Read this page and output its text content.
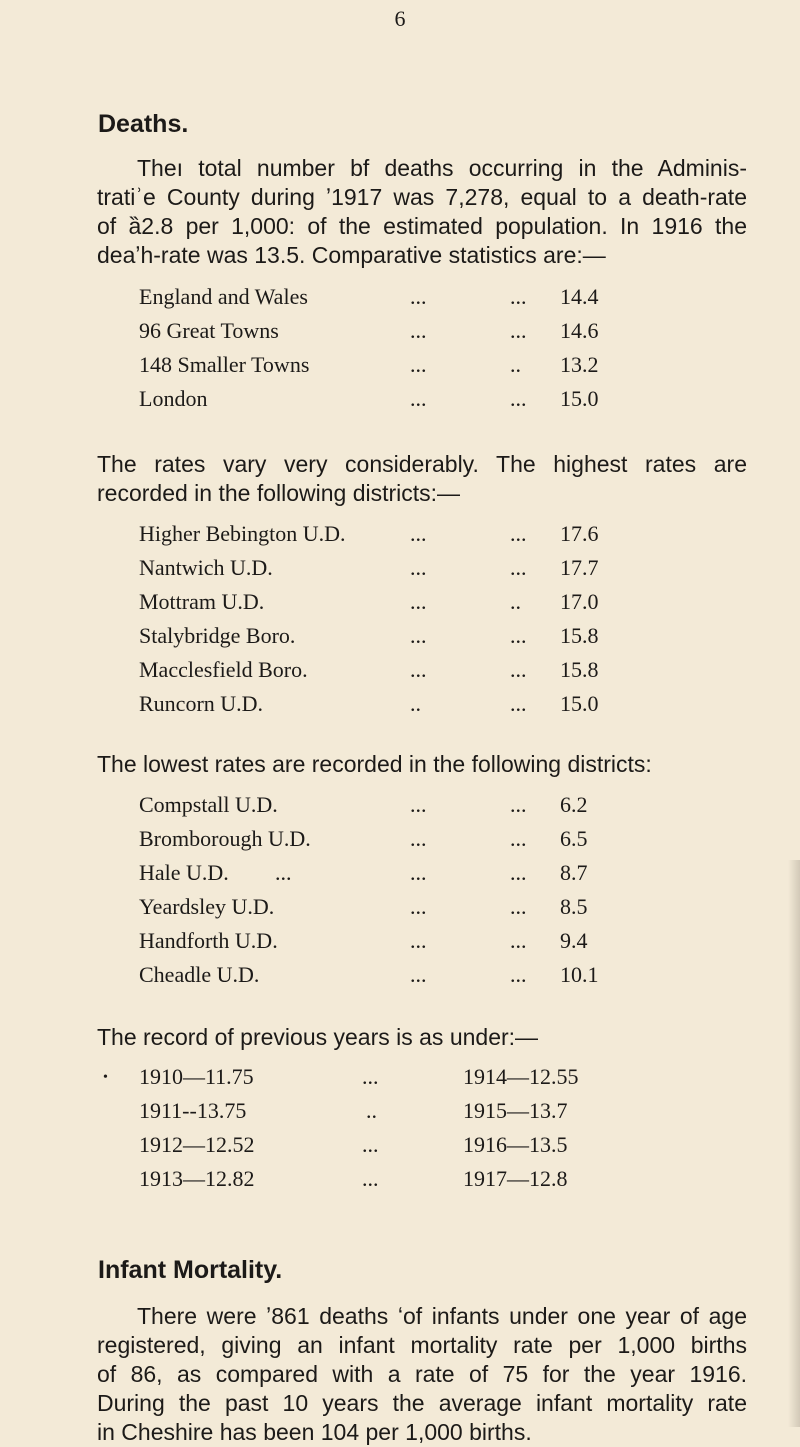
6
Deaths.
Theı total number bf deaths occurring in the Adminis-
tratiʾe County during ʼ1917 was 7,278, equal to a death-rate
of ȁ2.8 per 1,000: of the estimated population. In 1916 the
deaʼh-rate was 13.5. Comparative statistics are:—
England and Wales	...	... 14.4
96 Great Towns	...	... 14.6
148 Smaller Towns	...	.. 13.2
London	...	... 15.0
The rates vary very considerably. The highest rates are
recorded in the following districts:—
Higher Bebington U.D.	...	... 17.6
Nantwich U.D.	...	... 17.7
Mottram U.D.	...	.. 17.0
Stalybridge Boro.	...	... 15.8
Macclesfield Boro.	...	... 15.8
Runcorn U.D.	..	... 15.0
The lowest rates are recorded in the following districts:
Compstall U.D.	...	... 6.2
Bromborough U.D.	...	... 6.5
Hale U.D. ...	...	... 8.7
Yeardsley U.D.	...	... 8.5
Handforth U.D.	...	... 9.4
Cheadle U.D.	...	... 10.1
The record of previous years is as under:—
• 1910—11.75	...	1914—12.55
1911--13.75	..	1915—13.7
1912—12.52	...	1916—13.5
1913—12.82	...	1917—12.8
Infant Mortality.
There were ʼ861 deaths ʻof infants under one year of age
registered, giving an infant mortality rate per 1,000 births
of 86, as compared with a rate of 75 for the year 1916.
During the past 10 years the average infant mortality rate
in Cheshire has been 104 per 1,000 births.
